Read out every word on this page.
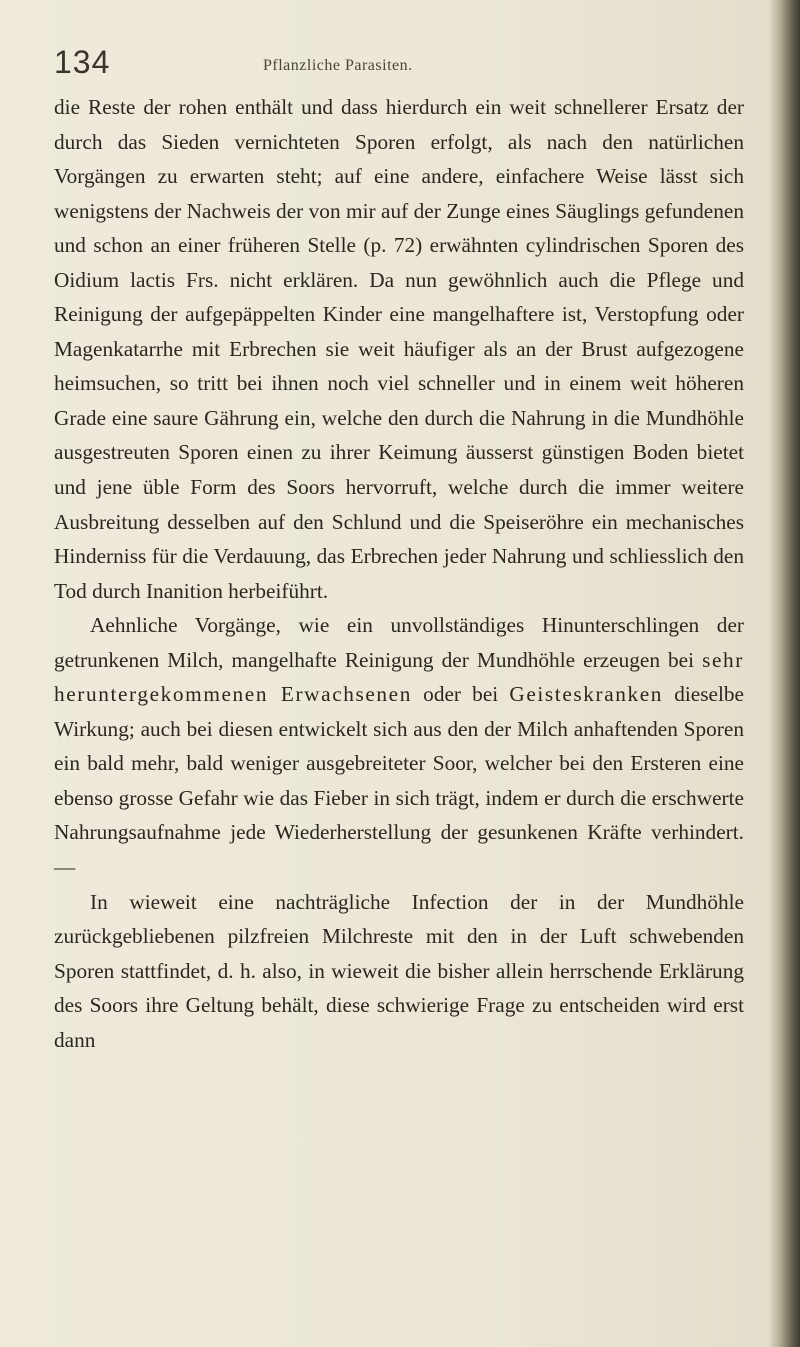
134	Pflanzliche Parasiten.

die Reste der rohen enthält und dass hierdurch ein weit schnellerer Ersatz der durch das Sieden vernichteten Sporen erfolgt, als nach den natürlichen Vorgängen zu erwarten steht; auf eine andere, einfachere Weise lässt sich wenigstens der Nachweis der von mir auf der Zunge eines Säuglings gefundenen und schon an einer früheren Stelle (p. 72) erwähnten cylindrischen Sporen des Oidium lactis Frs. nicht erklären. Da nun gewöhnlich auch die Pflege und Reinigung der aufgepäppelten Kinder eine mangelhaftere ist, Verstopfung oder Magenkatarrhe mit Erbrechen sie weit häufiger als an der Brust aufgezogene heimsuchen, so tritt bei ihnen noch viel schneller und in einem weit höheren Grade eine saure Gährung ein, welche den durch die Nahrung in die Mundhöhle ausgestreuten Sporen einen zu ihrer Keimung äusserst günstigen Boden bietet und jene üble Form des Soors hervorruft, welche durch die immer weitere Ausbreitung desselben auf den Schlund und die Speiseröhre ein mechanisches Hinderniss für die Verdauung, das Erbrechen jeder Nahrung und schliesslich den Tod durch Inanition herbeiführt.

Aehnliche Vorgänge, wie ein unvollständiges Hinunterschlingen der getrunkenen Milch, mangelhafte Reinigung der Mundhöhle erzeugen bei sehr heruntergekommenen Erwachsenen oder bei Geisteskranken dieselbe Wirkung; auch bei diesen entwickelt sich aus den der Milch anhaftenden Sporen ein bald mehr, bald weniger ausgebreiteter Soor, welcher bei den Ersteren eine ebenso grosse Gefahr wie das Fieber in sich trägt, indem er durch die erschwerte Nahrungsaufnahme jede Wiederherstellung der gesunkenen Kräfte verhindert. —

In wieweit eine nachträgliche Infection der in der Mundhöhle zurückgebliebenen pilzfreien Milchreste mit den in der Luft schwebenden Sporen stattfindet, d. h. also, in wieweit die bisher allein herrschende Erklärung des Soors ihre Geltung behält, diese schwierige Frage zu entscheiden wird erst dann
